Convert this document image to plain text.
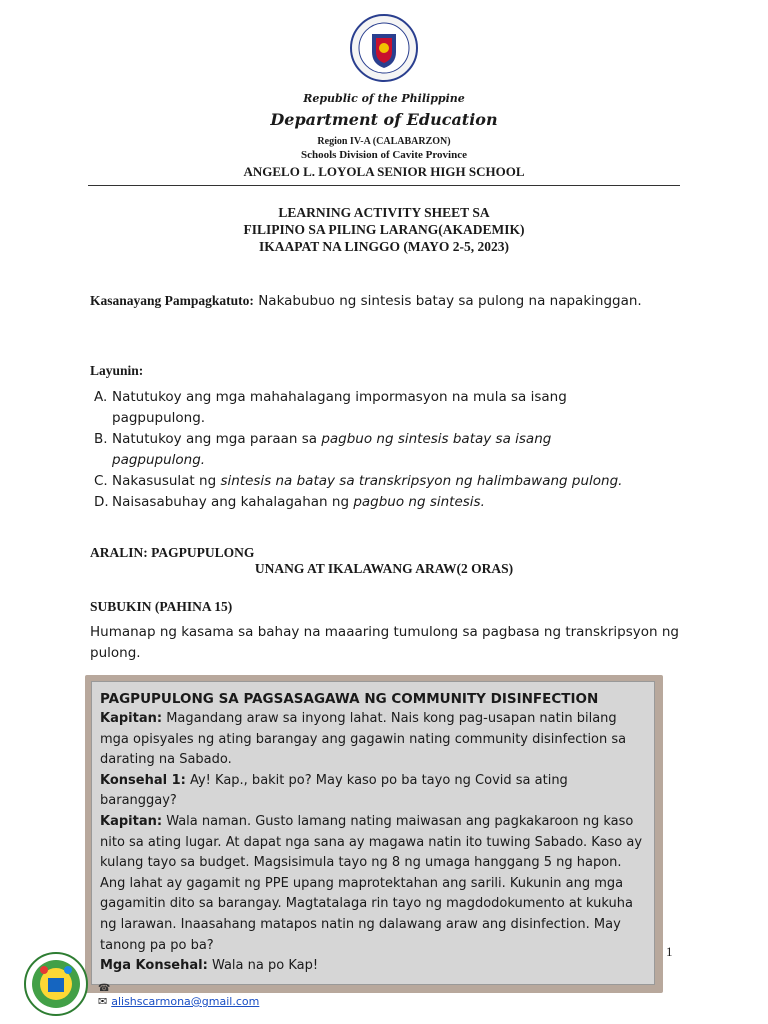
Republic of the Philippine
Department of Education
Region IV-A (CALABARZON)
Schools Division of Cavite Province
ANGELO L. LOYOLA SENIOR HIGH SCHOOL
LEARNING ACTIVITY SHEET SA
FILIPINO SA PILING LARANG(AKADEMIK)
IKAAPAT NA LINGGO (MAYO 2-5, 2023)
Kasanayang Pampagkatuto: Nakabubuo ng sintesis batay sa pulong na napakinggan.
Layunin:
A. Natutukoy ang mga mahahalagang impormasyon na mula sa isang
pagpupulong.
B. Natutukoy ang mga paraan sa pagbuo ng sintesis batay sa isang
pagpupulong.
C. Nakasusulat ng sintesis na batay sa transkripsyon ng halimbawang pulong.
D. Naisasabuhay ang kahalagahan ng pagbuo ng sintesis.
ARALIN: PAGPUPULONG
UNANG AT IKALAWANG ARAW(2 ORAS)
SUBUKIN (PAHINA 15)
Humanap ng kasama sa bahay na maaaring tumulong sa pagbasa ng transkripsyon ng pulong.
PAGPUPULONG SA PAGSASAGAWA NG COMMUNITY DISINFECTION
Kapitan: Magandang araw sa inyong lahat. Nais kong pag-usapan natin bilang mga opisyales ng ating barangay ang gagawin nating community disinfection sa darating na Sabado.
Konsehal 1: Ay! Kap., bakit po? May kaso po ba tayo ng Covid sa ating baranggay?
Kapitan: Wala naman. Gusto lamang nating maiwasan ang pagkakaroon ng kaso nito sa ating lugar. At dapat nga sana ay magawa natin ito tuwing Sabado. Kaso ay kulang tayo sa budget. Magsisimula tayo ng 8 ng umaga hanggang 5 ng hapon. Ang lahat ay gagamit ng PPE upang maprotektahan ang sarili. Kukunin ang mga gagamitin dito sa barangay. Magtatalaga rin tayo ng magdodokumento at kukuha ng larawan. Inaasahang matapos natin ng dalawang araw ang disinfection. May tanong pa po ba?
Mga Konsehal: Wala na po Kap!
1
☎
✉ alishscarmona@gmail.com
